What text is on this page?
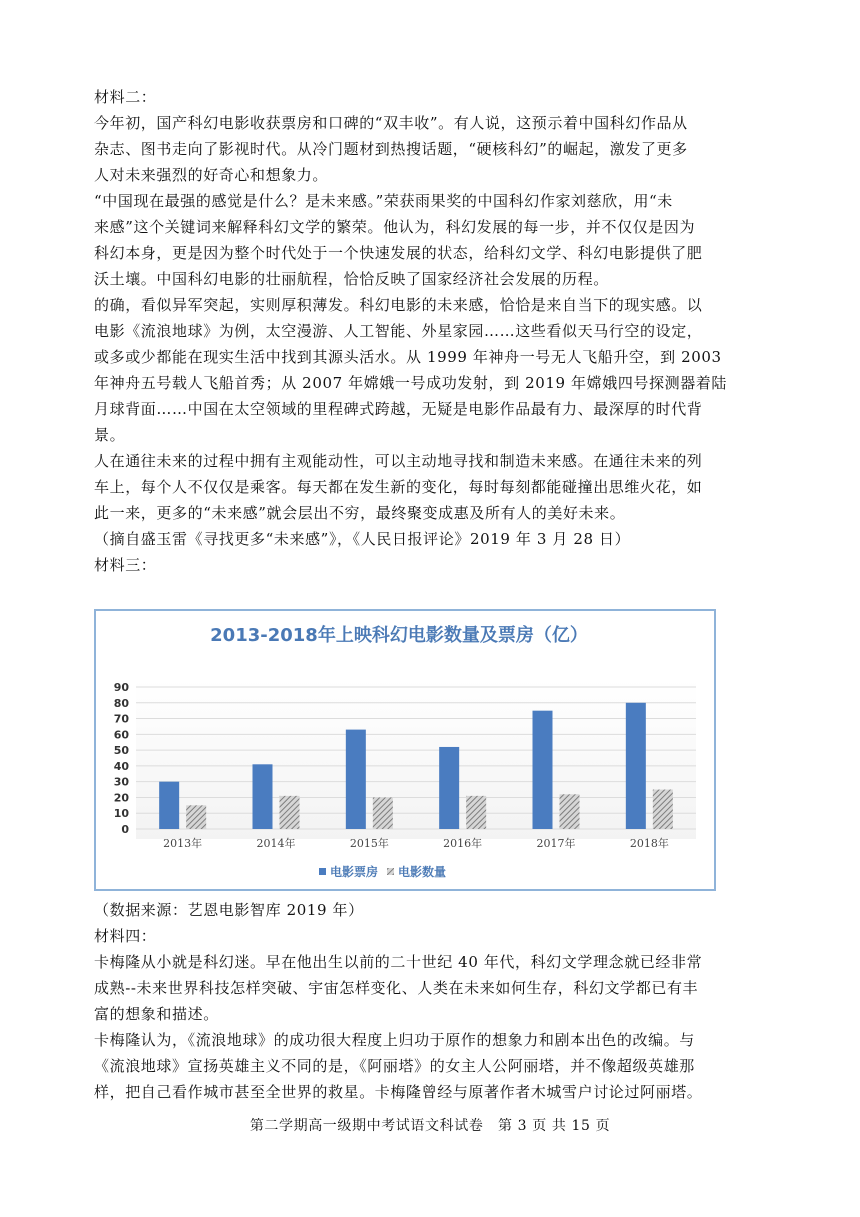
材料二：
今年初，国产科幻电影收获票房和口碑的“双丰收”。有人说，这预示着中国科幻作品从
杂志、图书走向了影视时代。从冷门题材到热搜话题，“硬核科幻”的崛起，激发了更多
人对未来强烈的好奇心和想象力。
“中国现在最强的感觉是什么？是未来感。”荣获雨果奖的中国科幻作家刘慈欣，用“未
来感”这个关键词来解释科幻文学的繁荣。他认为，科幻发展的每一步，并不仅仅是因为
科幻本身，更是因为整个时代处于一个快速发展的状态，给科幻文学、科幻电影提供了肥
沃土壤。中国科幻电影的壮丽航程，恰恰反映了国家经济社会发展的历程。
的确，看似异军突起，实则厚积薄发。科幻电影的未来感，恰恰是来自当下的现实感。以
电影《流浪地球》为例，太空漫游、人工智能、外星家园……这些看似天马行空的设定，
或多或少都能在现实生活中找到其源头活水。从 1999 年神舟一号无人飞船升空，到 2003
年神舟五号载人飞船首秀；从 2007 年嫦娥一号成功发射，到 2019 年嫦娥四号探测器着陆
月球背面……中国在太空领域的里程碑式跨越，无疑是电影作品最有力、最深厚的时代背
景。
人在通往未来的过程中拥有主观能动性，可以主动地寻找和制造未来感。在通往未来的列
车上，每个人不仅仅是乘客。每天都在发生新的变化，每时每刻都能碰撞出思维火花，如
此一来，更多的“未来感”就会层出不穷，最终聚变成惠及所有人的美好未来。
（摘自盛玉雷《寻找更多“未来感”》，《人民日报评论》2019 年 3 月 28 日）
材料三：
2013-2018年上映科幻电影数量及票房（亿）
0
10
20
30
40
50
60
70
80
90
2013年	2014年	2015年	2016年	2017年	2018年
电影票房 电影数量
（数据来源：艺恩电影智库 2019 年）
材料四：
卡梅隆从小就是科幻迷。早在他出生以前的二十世纪 40 年代，科幻文学理念就已经非常
成熟--未来世界科技怎样突破、宇宙怎样变化、人类在未来如何生存，科幻文学都已有丰
富的想象和描述。
卡梅隆认为，《流浪地球》的成功很大程度上归功于原作的想象力和剧本出色的改编。与
《流浪地球》宣扬英雄主义不同的是，《阿丽塔》的女主人公阿丽塔，并不像超级英雄那
样，把自己看作城市甚至全世界的救星。卡梅隆曾经与原著作者木城雪户讨论过阿丽塔。
第二学期高一级期中考试语文科试卷　第 3 页 共 15 页
